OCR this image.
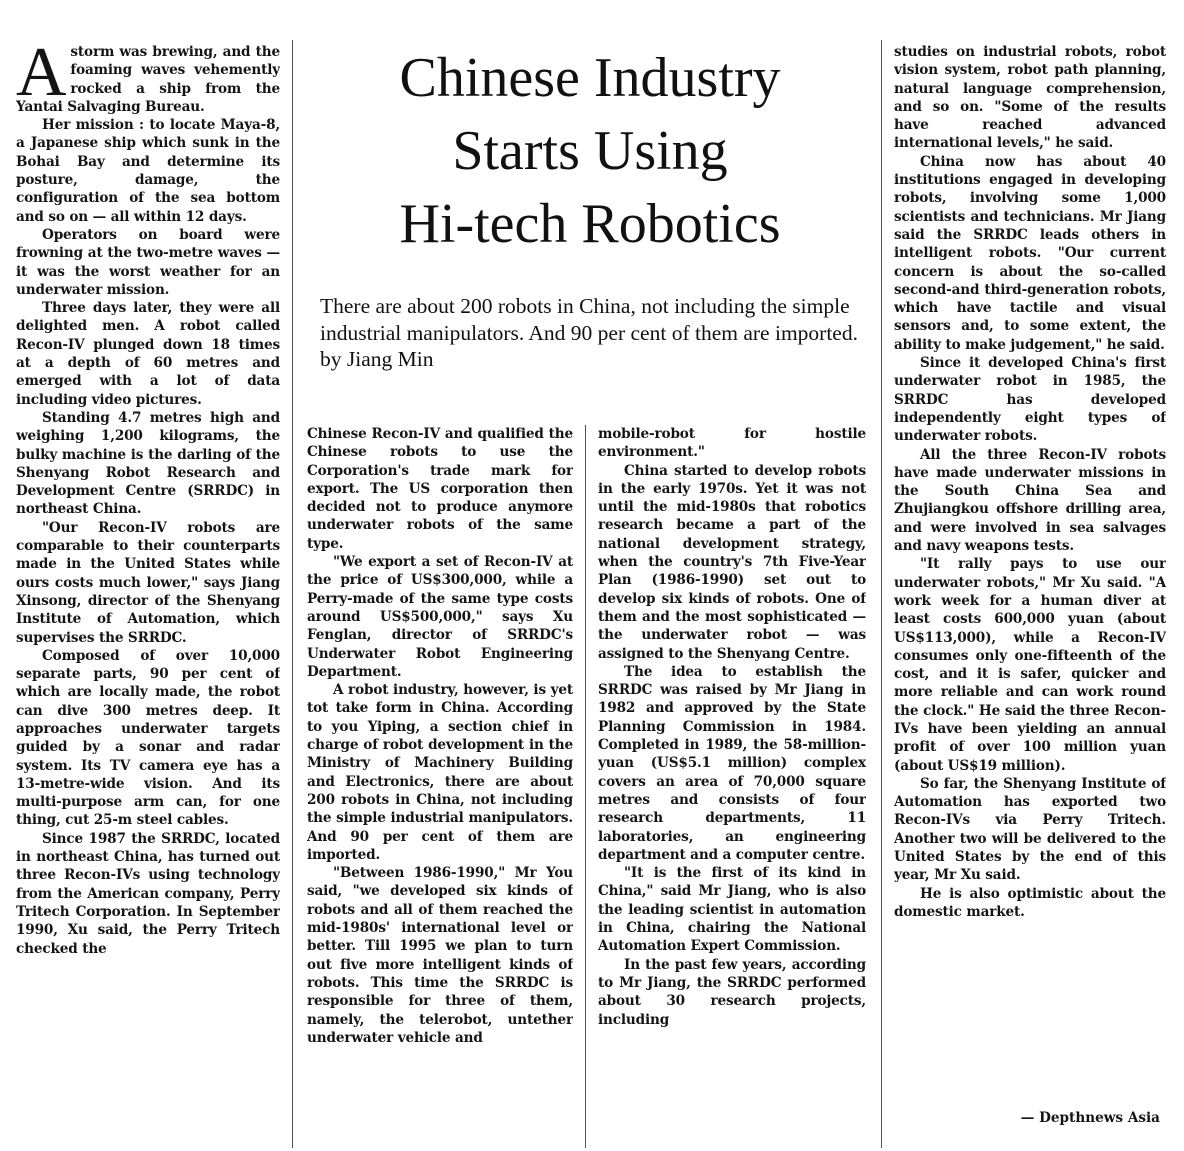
Chinese Industry
Starts Using
Hi-tech Robotics

There are about 200 robots in China, not including the simple industrial manipulators. And 90 per cent of them are imported. by Jiang Min

A storm was brewing, and the foaming waves vehemently rocked a ship from the Yantai Salvaging Bureau.

Her mission : to locate Maya-8, a Japanese ship which sunk in the Bohai Bay and determine its posture, damage, the configuration of the sea bottom and so on — all within 12 days.

Operators on board were frowning at the two-metre waves — it was the worst weather for an underwater mission.

Three days later, they were all delighted men. A robot called Recon-IV plunged down 18 times at a depth of 60 metres and emerged with a lot of data including video pictures.

Standing 4.7 metres high and weighing 1,200 kilograms, the bulky machine is the darling of the Shenyang Robot Research and Development Centre (SRRDC) in northeast China.

"Our Recon-IV robots are comparable to their counterparts made in the United States while ours costs much lower," says Jiang Xinsong, director of the Shenyang Institute of Automation, which supervises the SRRDC.

Composed of over 10,000 separate parts, 90 per cent of which are locally made, the robot can dive 300 metres deep. It approaches underwater targets guided by a sonar and radar system. Its TV camera eye has a 13-metre-wide vision. And its multi-purpose arm can, for one thing, cut 25-m steel cables.

Since 1987 the SRRDC, located in northeast China, has turned out three Recon-IVs using technology from the American company, Perry Tritech Corporation. In September 1990, Xu said, the Perry Tritech checked the

Chinese Recon-IV and qualified the Chinese robots to use the Corporation's trade mark for export. The US corporation then decided not to produce anymore underwater robots of the same type.

"We export a set of Recon-IV at the price of US$300,000, while a Perry-made of the same type costs around US$500,000," says Xu Fenglan, director of SRRDC's Underwater Robot Engineering Department.

A robot industry, however, is yet tot take form in China. According to you Yiping, a section chief in charge of robot development in the Ministry of Machinery Building and Electronics, there are about 200 robots in China, not including the simple industrial manipulators. And 90 per cent of them are imported.

"Between 1986-1990," Mr You said, "we developed six kinds of robots and all of them reached the mid-1980s' international level or better. Till 1995 we plan to turn out five more intelligent kinds of robots. This time the SRRDC is responsible for three of them, namely, the telerobot, untether underwater vehicle and

mobile-robot for hostile environment."

China started to develop robots in the early 1970s. Yet it was not until the mid-1980s that robotics research became a part of the national development strategy, when the country's 7th Five-Year Plan (1986-1990) set out to develop six kinds of robots. One of them and the most sophisticated — the underwater robot — was assigned to the Shenyang Centre.

The idea to establish the SRRDC was raised by Mr Jiang in 1982 and approved by the State Planning Commission in 1984. Completed in 1989, the 58-million-yuan (US$5.1 million) complex covers an area of 70,000 square metres and consists of four research departments, 11 laboratories, an engineering department and a computer centre.

"It is the first of its kind in China," said Mr Jiang, who is also the leading scientist in automation in China, chairing the National Automation Expert Commission.

In the past few years, according to Mr Jiang, the SRRDC performed about 30 research projects, including

studies on industrial robots, robot vision system, robot path planning, natural language comprehension, and so on. "Some of the results have reached advanced international levels," he said.

China now has about 40 institutions engaged in developing robots, involving some 1,000 scientists and technicians. Mr Jiang said the SRRDC leads others in intelligent robots. "Our current concern is about the so-called second-and third-generation robots, which have tactile and visual sensors and, to some extent, the ability to make judgement," he said.

Since it developed China's first underwater robot in 1985, the SRRDC has developed independently eight types of underwater robots.

All the three Recon-IV robots have made underwater missions in the South China Sea and Zhujiangkou offshore drilling area, and were involved in sea salvages and navy weapons tests.

"It rally pays to use our underwater robots," Mr Xu said. "A work week for a human diver at least costs 600,000 yuan (about US$113,000), while a Recon-IV consumes only one-fifteenth of the cost, and it is safer, quicker and more reliable and can work round the clock." He said the three Recon-IVs have been yielding an annual profit of over 100 million yuan (about US$19 million).

So far, the Shenyang Institute of Automation has exported two Recon-IVs via Perry Tritech. Another two will be delivered to the United States by the end of this year, Mr Xu said.

He is also optimistic about the domestic market.

— Depthnews Asia
